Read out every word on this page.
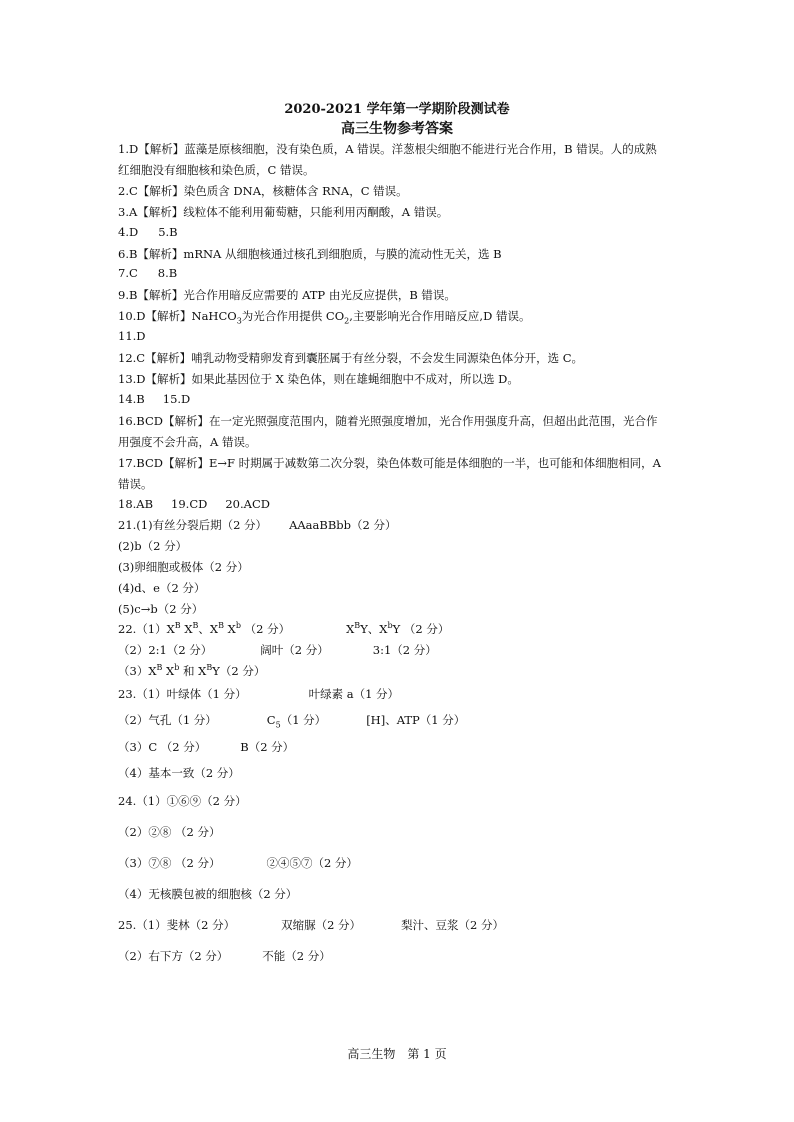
2020-2021 学年第一学期阶段测试卷
高三生物参考答案
1.D【解析】蓝藻是原核细胞，没有染色质，A 错误。洋葱根尖细胞不能进行光合作用，B 错误。人的成熟
红细胞没有细胞核和染色质，C 错误。
2.C【解析】染色质含 DNA，核糖体含 RNA，C 错误。
3.A【解析】线粒体不能利用葡萄糖，只能利用丙酮酸，A 错误。
4.D 5.B
6.B【解析】mRNA 从细胞核通过核孔到细胞质，与膜的流动性无关，选 B
7.C 8.B
9.B【解析】光合作用暗反应需要的 ATP 由光反应提供，B 错误。
10.D【解析】NaHCO$_3$为光合作用提供 $CO_2$,主要影响光合作用暗反应,D 错误。
11.D
12.C【解析】哺乳动物受精卵发育到囊胚属于有丝分裂，不会发生同源染色体分开，选 C。
13.D【解析】如果此基因位于 X 染色体，则在雄蝇细胞中不成对，所以选 D。
14.B 15.D
16.BCD【解析】在一定光照强度范围内，随着光照强度增加，光合作用强度升高，但超出此范围，光合作
用强度不会升高，A 错误。
17.BCD【解析】E→F 时期属于减数第二次分裂，染色体数可能是体细胞的一半，也可能和体细胞相同，A
错误。
18.AB 19.CD 20.ACD
21.(1)有丝分裂后期（2 分） AAaaBBbb（2 分）
(2)b（2 分）
(3)卵细胞或极体（2 分）
(4)d、e（2 分）
(5)c→b（2 分）
$22.(1)X^B$ $X^B$、$X^B$ $X^b$ （2 分）	$X^BY$、$X^bY$ （2 分）
（2）2:1（2 分）	阔叶（2 分）	3:1（2 分）
$(3)X^B$ $X^b$ 和 $X^BY(2$ 分）
23.（1）叶绿体（1 分）	叶绿素 a（1 分）
（2）气孔（1 分）	$C_5(1$ 分）	[H]、ATP（1 分）
（3）C （2 分）	B（2 分）
（4）基本一致（2 分）
24.（1）①⑥⑨（2 分）
（2）②⑧ （2 分）
（3）⑦⑧ （2 分）	②④⑤⑦（2 分）
（4）无核膜包被的细胞核（2 分）
25.（1）斐林（2 分）	双缩脲（2 分）	梨汁、豆浆（2 分）
（2）右下方（2 分）	不能（2 分）
高三生物　第 1 页
